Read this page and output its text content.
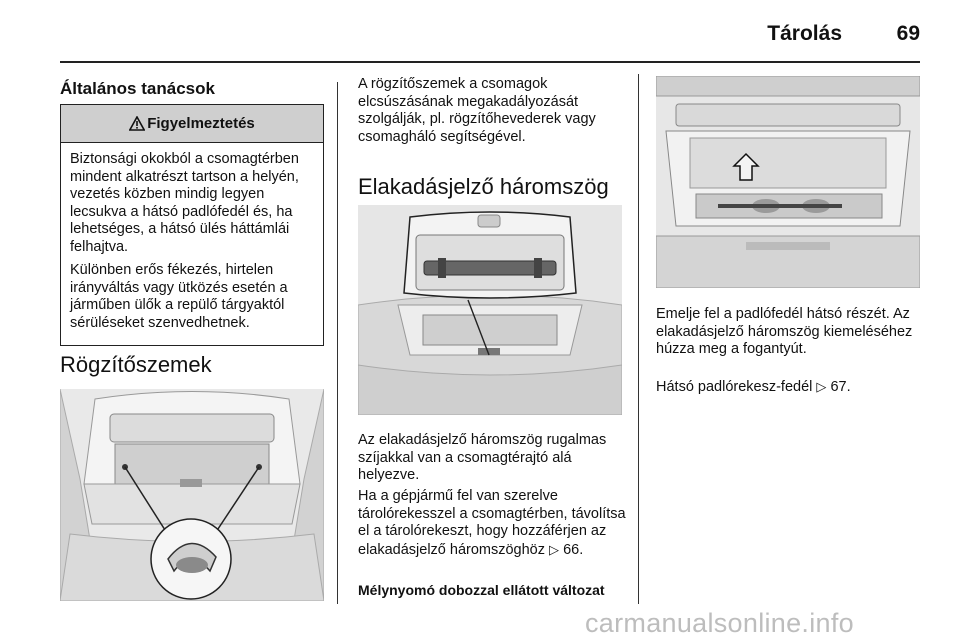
Tárolás	69
Általános tanácsok
Figyelmeztetés

Biztonsági okokból a csomagtérben mindent alkatrészt tartson a helyén, vezetés közben mindig legyen lecsukva a hátsó padlófedél és, ha lehetséges, a hátsó ülés háttámlái felhajtva.

Különben erős fékezés, hirtelen irányváltás vagy ütközés esetén a járműben ülők a repülő tárgyaktól sérüléseket szenvedhetnek.

Rögzítőszemek
A rögzítőszemek a csomagok elcsúszásának megakadályozását szolgálják, pl. rögzítőhevederek vagy csomagháló segítségével.
Elakadásjelző háromszög
Az elakadásjelző háromszög rugalmas szíjakkal van a csomagtérajtó alá helyezve.
Ha a gépjármű fel van szerelve tárolórekesszel a csomagtérben, távolítsa el a tárolórekeszt, hogy hozzáférjen az elakadásjelző háromszöghöz ▷ 66.
Mélynyomó dobozzal ellátott változat
Emelje fel a padlófedél hátsó részét. Az elakadásjelző háromszög kiemeléséhez húzza meg a fogantyút.
Hátsó padlórekesz-fedél ▷ 67.
carmanualsonline.info
